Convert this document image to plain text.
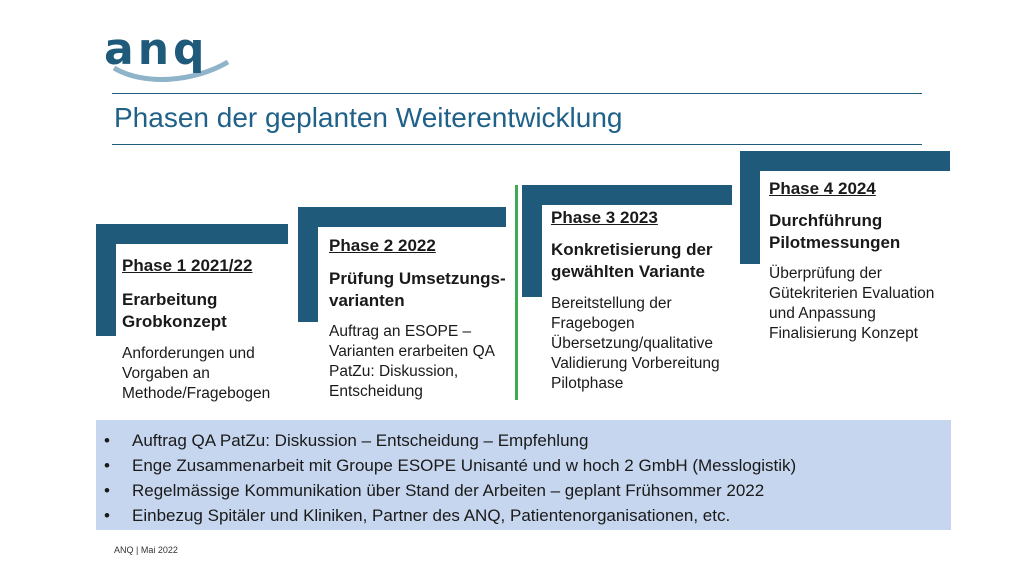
anq
Phasen der geplanten Weiterentwicklung
Phase 1 2021/22
Erarbeitung Grobkonzept
Anforderungen und Vorgaben an Methode/Fragebogen
Phase 2 2022
Prüfung Umsetzungs-varianten
Auftrag an ESOPE – Varianten erarbeiten QA PatZu: Diskussion, Entscheidung
Phase 3 2023
Konkretisierung der gewählten Variante
Bereitstellung der Fragebogen Übersetzung/qualitative Validierung Vorbereitung Pilotphase
Phase 4 2024
Durchführung Pilotmessungen
Überprüfung der Gütekriterien Evaluation und Anpassung Finalisierung Konzept
• Auftrag QA PatZu: Diskussion – Entscheidung – Empfehlung
• Enge Zusammenarbeit mit Groupe ESOPE Unisanté und w hoch 2 GmbH (Messlogistik)
• Regelmässige Kommunikation über Stand der Arbeiten – geplant Frühsommer 2022
• Einbezug Spitäler und Kliniken, Partner des ANQ, Patientenorganisationen, etc.
ANQ | Mai 2022
